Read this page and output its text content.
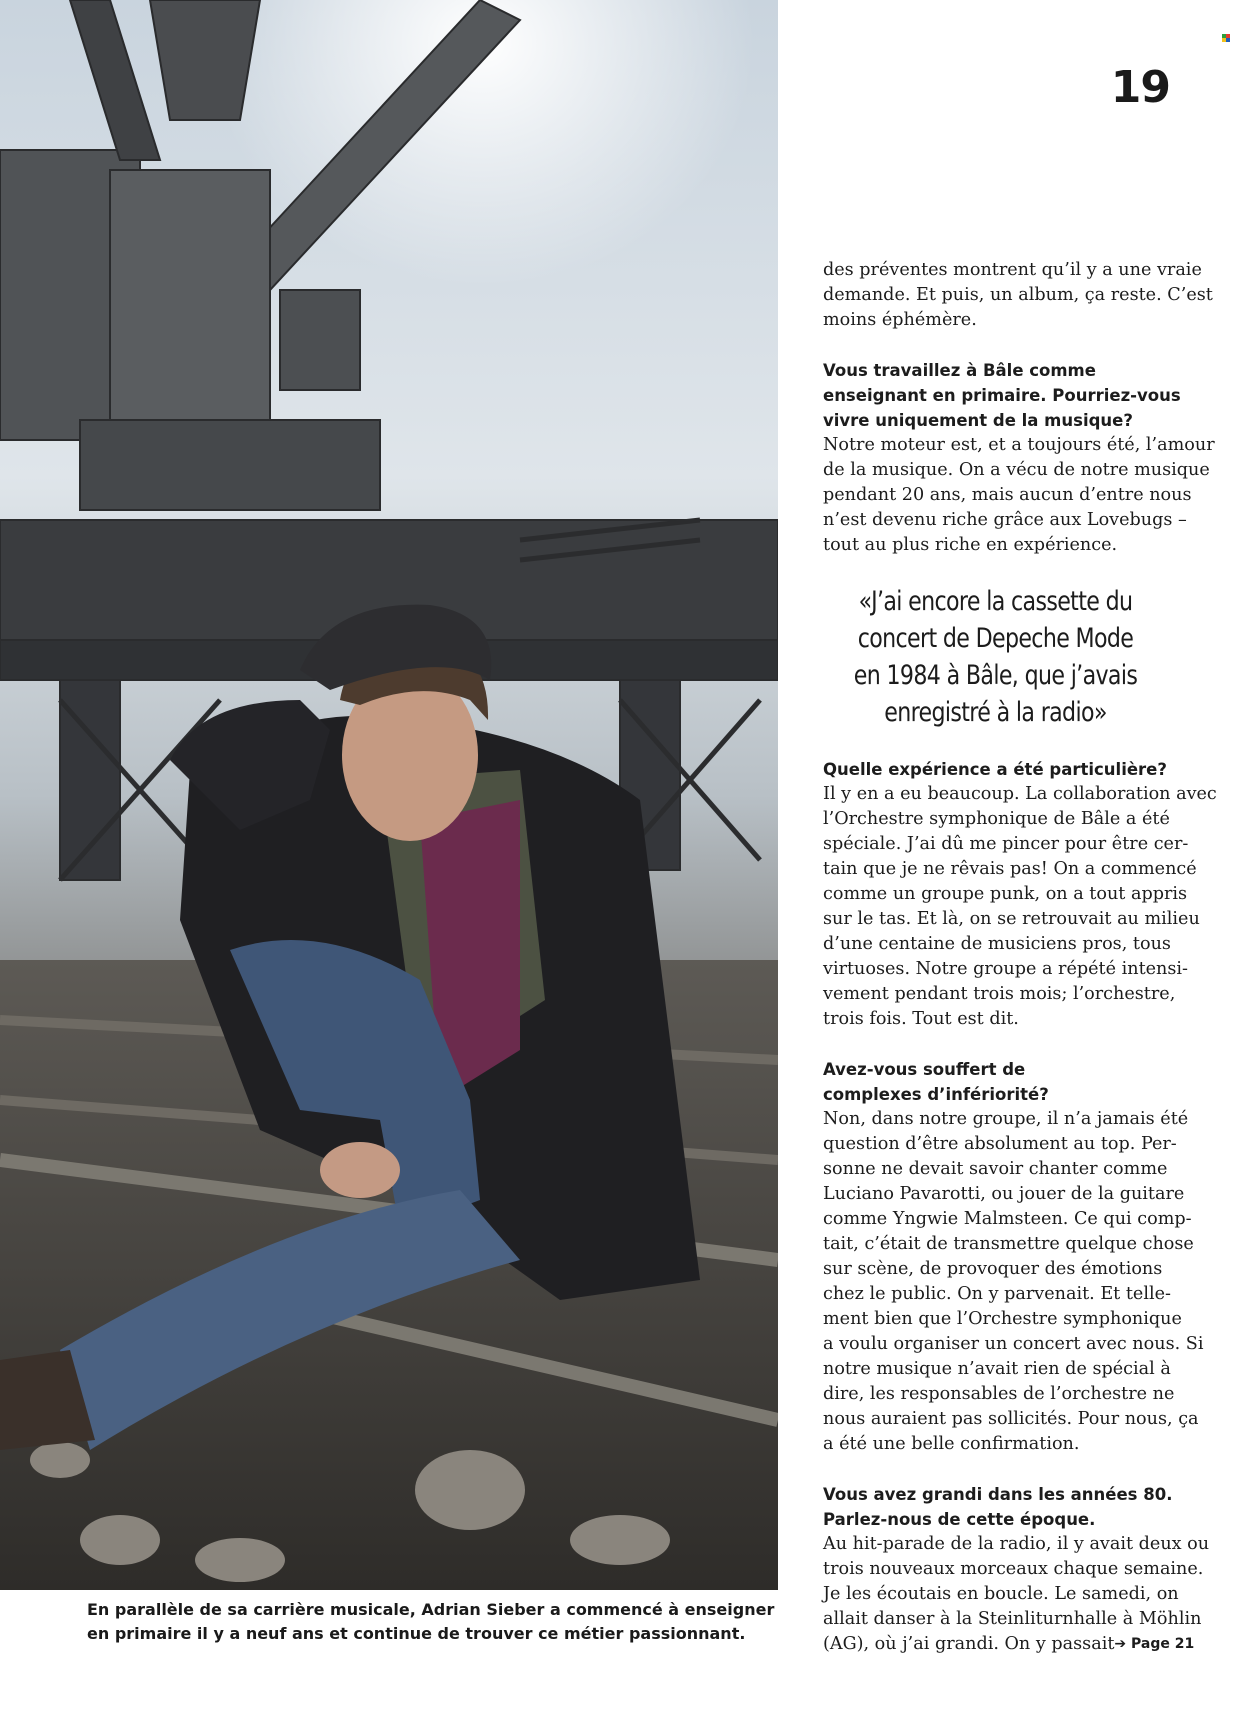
En parallèle de sa carrière musicale, Adrian Sieber a commencé à enseigner
en primaire il y a neuf ans et continue de trouver ce métier passionnant.
19
des préventes montrent qu’il y a une vraie
demande. Et puis, un album, ça reste. C’est
moins éphémère.
Vous travaillez à Bâle comme
enseignant en primaire. Pourriez-vous
vivre uniquement de la musique?
Notre moteur est, et a toujours été, l’amour
de la musique. On a vécu de notre musique
pendant 20 ans, mais aucun d’entre nous
n’est devenu riche grâce aux Lovebugs –
tout au plus riche en expérience.
«J’ai encore la cassette du
concert de Depeche Mode
en 1984 à Bâle, que j’avais
enregistré à la radio»
Quelle expérience a été particulière?
Il y en a eu beaucoup. La collaboration avec
l’Orchestre symphonique de Bâle a été
spéciale. J’ai dû me pincer pour être cer-
tain que je ne rêvais pas! On a commencé
comme un groupe punk, on a tout appris
sur le tas. Et là, on se retrouvait au milieu
d’une centaine de musiciens pros, tous
virtuoses. Notre groupe a répété intensi-
vement pendant trois mois; l’orchestre,
trois fois. Tout est dit.
Avez-vous souffert de
complexes d’infériorité?
Non, dans notre groupe, il n’a jamais été
question d’être absolument au top. Per-
sonne ne devait savoir chanter comme
Luciano Pavarotti, ou jouer de la guitare
comme Yngwie Malmsteen. Ce qui comp-
tait, c’était de transmettre quelque chose
sur scène, de provoquer des émotions
chez le public. On y parvenait. Et telle-
ment bien que l’Orchestre symphonique
a voulu organiser un concert avec nous. Si
notre musique n’avait rien de spécial à
dire, les responsables de l’orchestre ne
nous auraient pas sollicités. Pour nous, ça
a été une belle confirmation.
Vous avez grandi dans les années 80.
Parlez-nous de cette époque.
Au hit-parade de la radio, il y avait deux ou
trois nouveaux morceaux chaque semaine.
Je les écoutais en boucle. Le samedi, on
allait danser à la Steinliturnhalle à Möhlin
(AG), où j’ai grandi. On y passait ➔ Page 21
